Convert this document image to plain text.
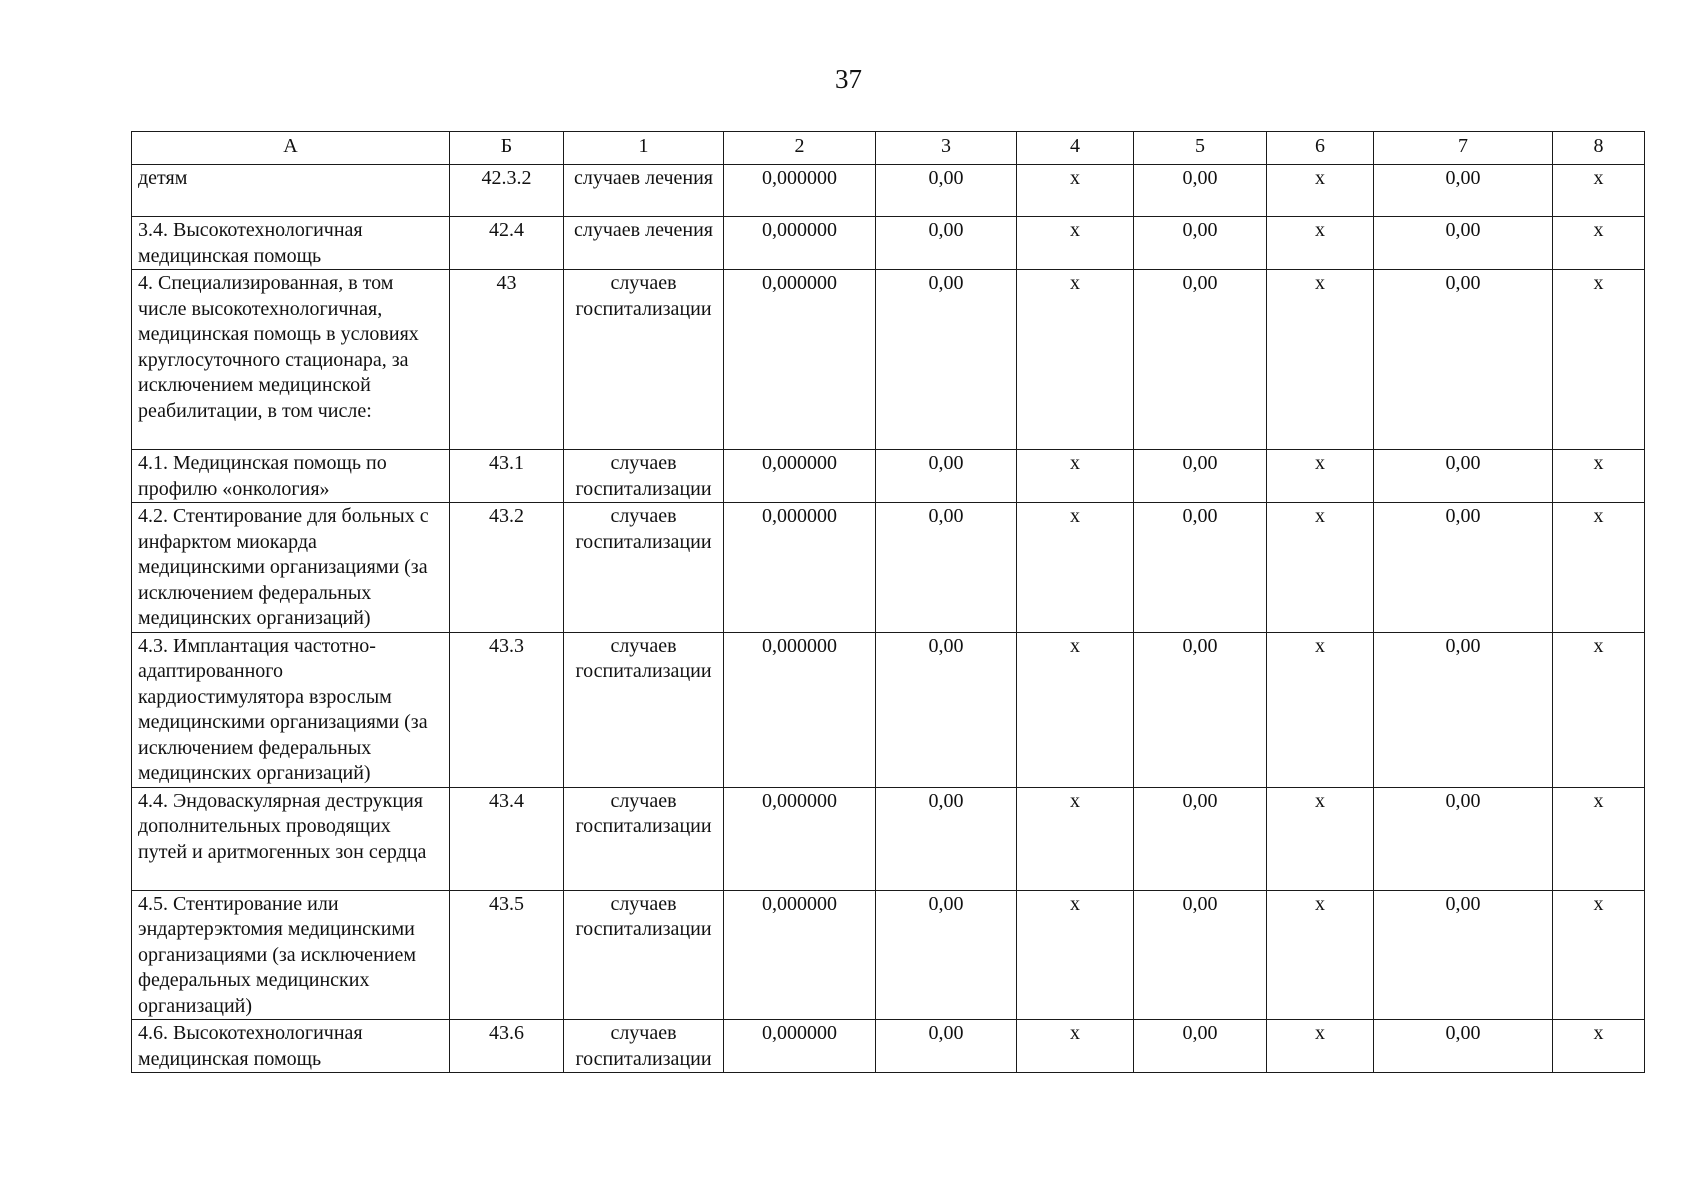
37
А	Б	1	2	3	4	5	6	7	8
детям	42.3.2	случаев лечения	0,000000	0,00	х	0,00	х	0,00	х
3.4. Высокотехнологичная медицинская помощь	42.4	случаев лечения	0,000000	0,00	х	0,00	х	0,00	х
4. Специализированная, в том числе высокотехнологичная, медицинская помощь в условиях круглосуточного стационара, за исключением медицинской реабилитации, в том числе:	43	случаев госпитализации	0,000000	0,00	х	0,00	х	0,00	х
4.1. Медицинская помощь по профилю «онкология»	43.1	случаев госпитализации	0,000000	0,00	х	0,00	х	0,00	х
4.2. Стентирование для больных с инфарктом миокарда медицинскими организациями (за исключением федеральных медицинских организаций)	43.2	случаев госпитализации	0,000000	0,00	х	0,00	х	0,00	х
4.3. Имплантация частотно-адаптированного кардиостимулятора взрослым медицинскими организациями (за исключением федеральных медицинских организаций)	43.3	случаев госпитализации	0,000000	0,00	х	0,00	х	0,00	х
4.4. Эндоваскулярная деструкция дополнительных проводящих путей и аритмогенных зон сердца	43.4	случаев госпитализации	0,000000	0,00	х	0,00	х	0,00	х
4.5. Стентирование или эндартерэктомия медицинскими организациями (за исключением федеральных медицинских организаций)	43.5	случаев госпитализации	0,000000	0,00	х	0,00	х	0,00	х
4.6. Высокотехнологичная медицинская помощь	43.6	случаев госпитализации	0,000000	0,00	х	0,00	х	0,00	х
